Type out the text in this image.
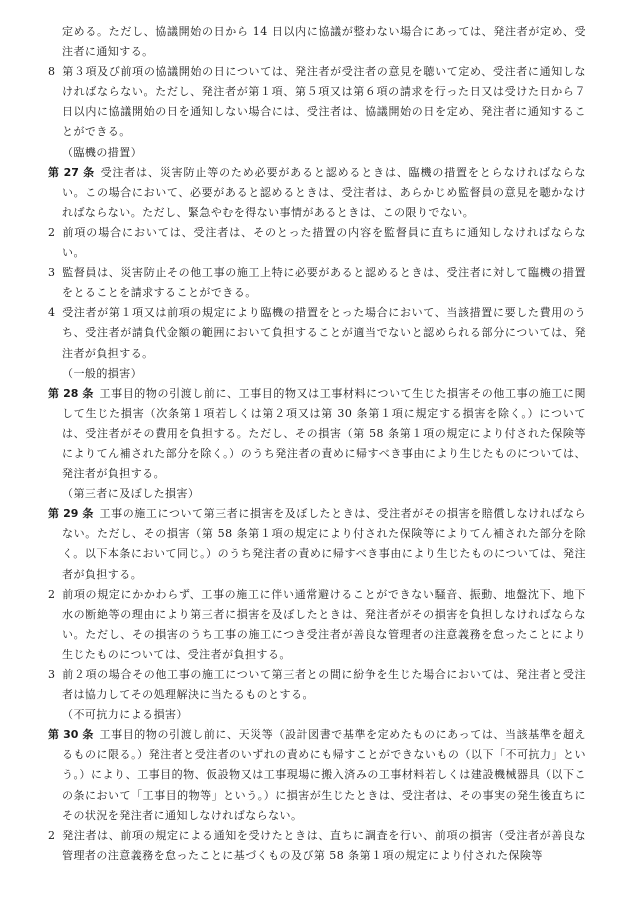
定める。ただし、協議開始の日から 14 日以内に協議が整わない場合にあっては、発注者が定め、受注者に通知する。

8 第３項及び前項の協議開始の日については、発注者が受注者の意見を聴いて定め、受注者に通知しなければならない。ただし、発注者が第１項、第５項又は第６項の請求を行った日又は受けた日から７日以内に協議開始の日を通知しない場合には、受注者は、協議開始の日を定め、発注者に通知することができる。

（臨機の措置）

第 27 条 受注者は、災害防止等のため必要があると認めるときは、臨機の措置をとらなければならない。この場合において、必要があると認めるときは、受注者は、あらかじめ監督員の意見を聴かなければならない。ただし、緊急やむを得ない事情があるときは、この限りでない。

2 前項の場合においては、受注者は、そのとった措置の内容を監督員に直ちに通知しなければならない。

3 監督員は、災害防止その他工事の施工上特に必要があると認めるときは、受注者に対して臨機の措置をとることを請求することができる。

4 受注者が第１項又は前項の規定により臨機の措置をとった場合において、当該措置に要した費用のうち、受注者が請負代金額の範囲において負担することが適当でないと認められる部分については、発注者が負担する。

（一般的損害）

第 28 条 工事目的物の引渡し前に、工事目的物又は工事材料について生じた損害その他工事の施工に関して生じた損害（次条第１項若しくは第２項又は第 30 条第１項に規定する損害を除く。）については、受注者がその費用を負担する。ただし、その損害（第 58 条第１項の規定により付された保険等によりてん補された部分を除く。）のうち発注者の責めに帰すべき事由により生じたものについては、発注者が負担する。

（第三者に及ぼした損害）

第 29 条 工事の施工について第三者に損害を及ぼしたときは、受注者がその損害を賠償しなければならない。ただし、その損害（第 58 条第１項の規定により付された保険等によりてん補された部分を除く。以下本条において同じ。）のうち発注者の責めに帰すべき事由により生じたものについては、発注者が負担する。

2 前項の規定にかかわらず、工事の施工に伴い通常避けることができない騒音、振動、地盤沈下、地下水の断絶等の理由により第三者に損害を及ぼしたときは、発注者がその損害を負担しなければならない。ただし、その損害のうち工事の施工につき受注者が善良な管理者の注意義務を怠ったことにより生じたものについては、受注者が負担する。

3 前２項の場合その他工事の施工について第三者との間に紛争を生じた場合においては、発注者と受注者は協力してその処理解決に当たるものとする。

（不可抗力による損害）

第 30 条 工事目的物の引渡し前に、天災等（設計図書で基準を定めたものにあっては、当該基準を超えるものに限る。）発注者と受注者のいずれの責めにも帰すことができないもの（以下「不可抗力」という。）により、工事目的物、仮設物又は工事現場に搬入済みの工事材料若しくは建設機械器具（以下この条において「工事目的物等」という。）に損害が生じたときは、受注者は、その事実の発生後直ちにその状況を発注者に通知しなければならない。

2 発注者は、前項の規定による通知を受けたときは、直ちに調査を行い、前項の損害（受注者が善良な管理者の注意義務を怠ったことに基づくもの及び第 58 条第１項の規定により付された保険等
